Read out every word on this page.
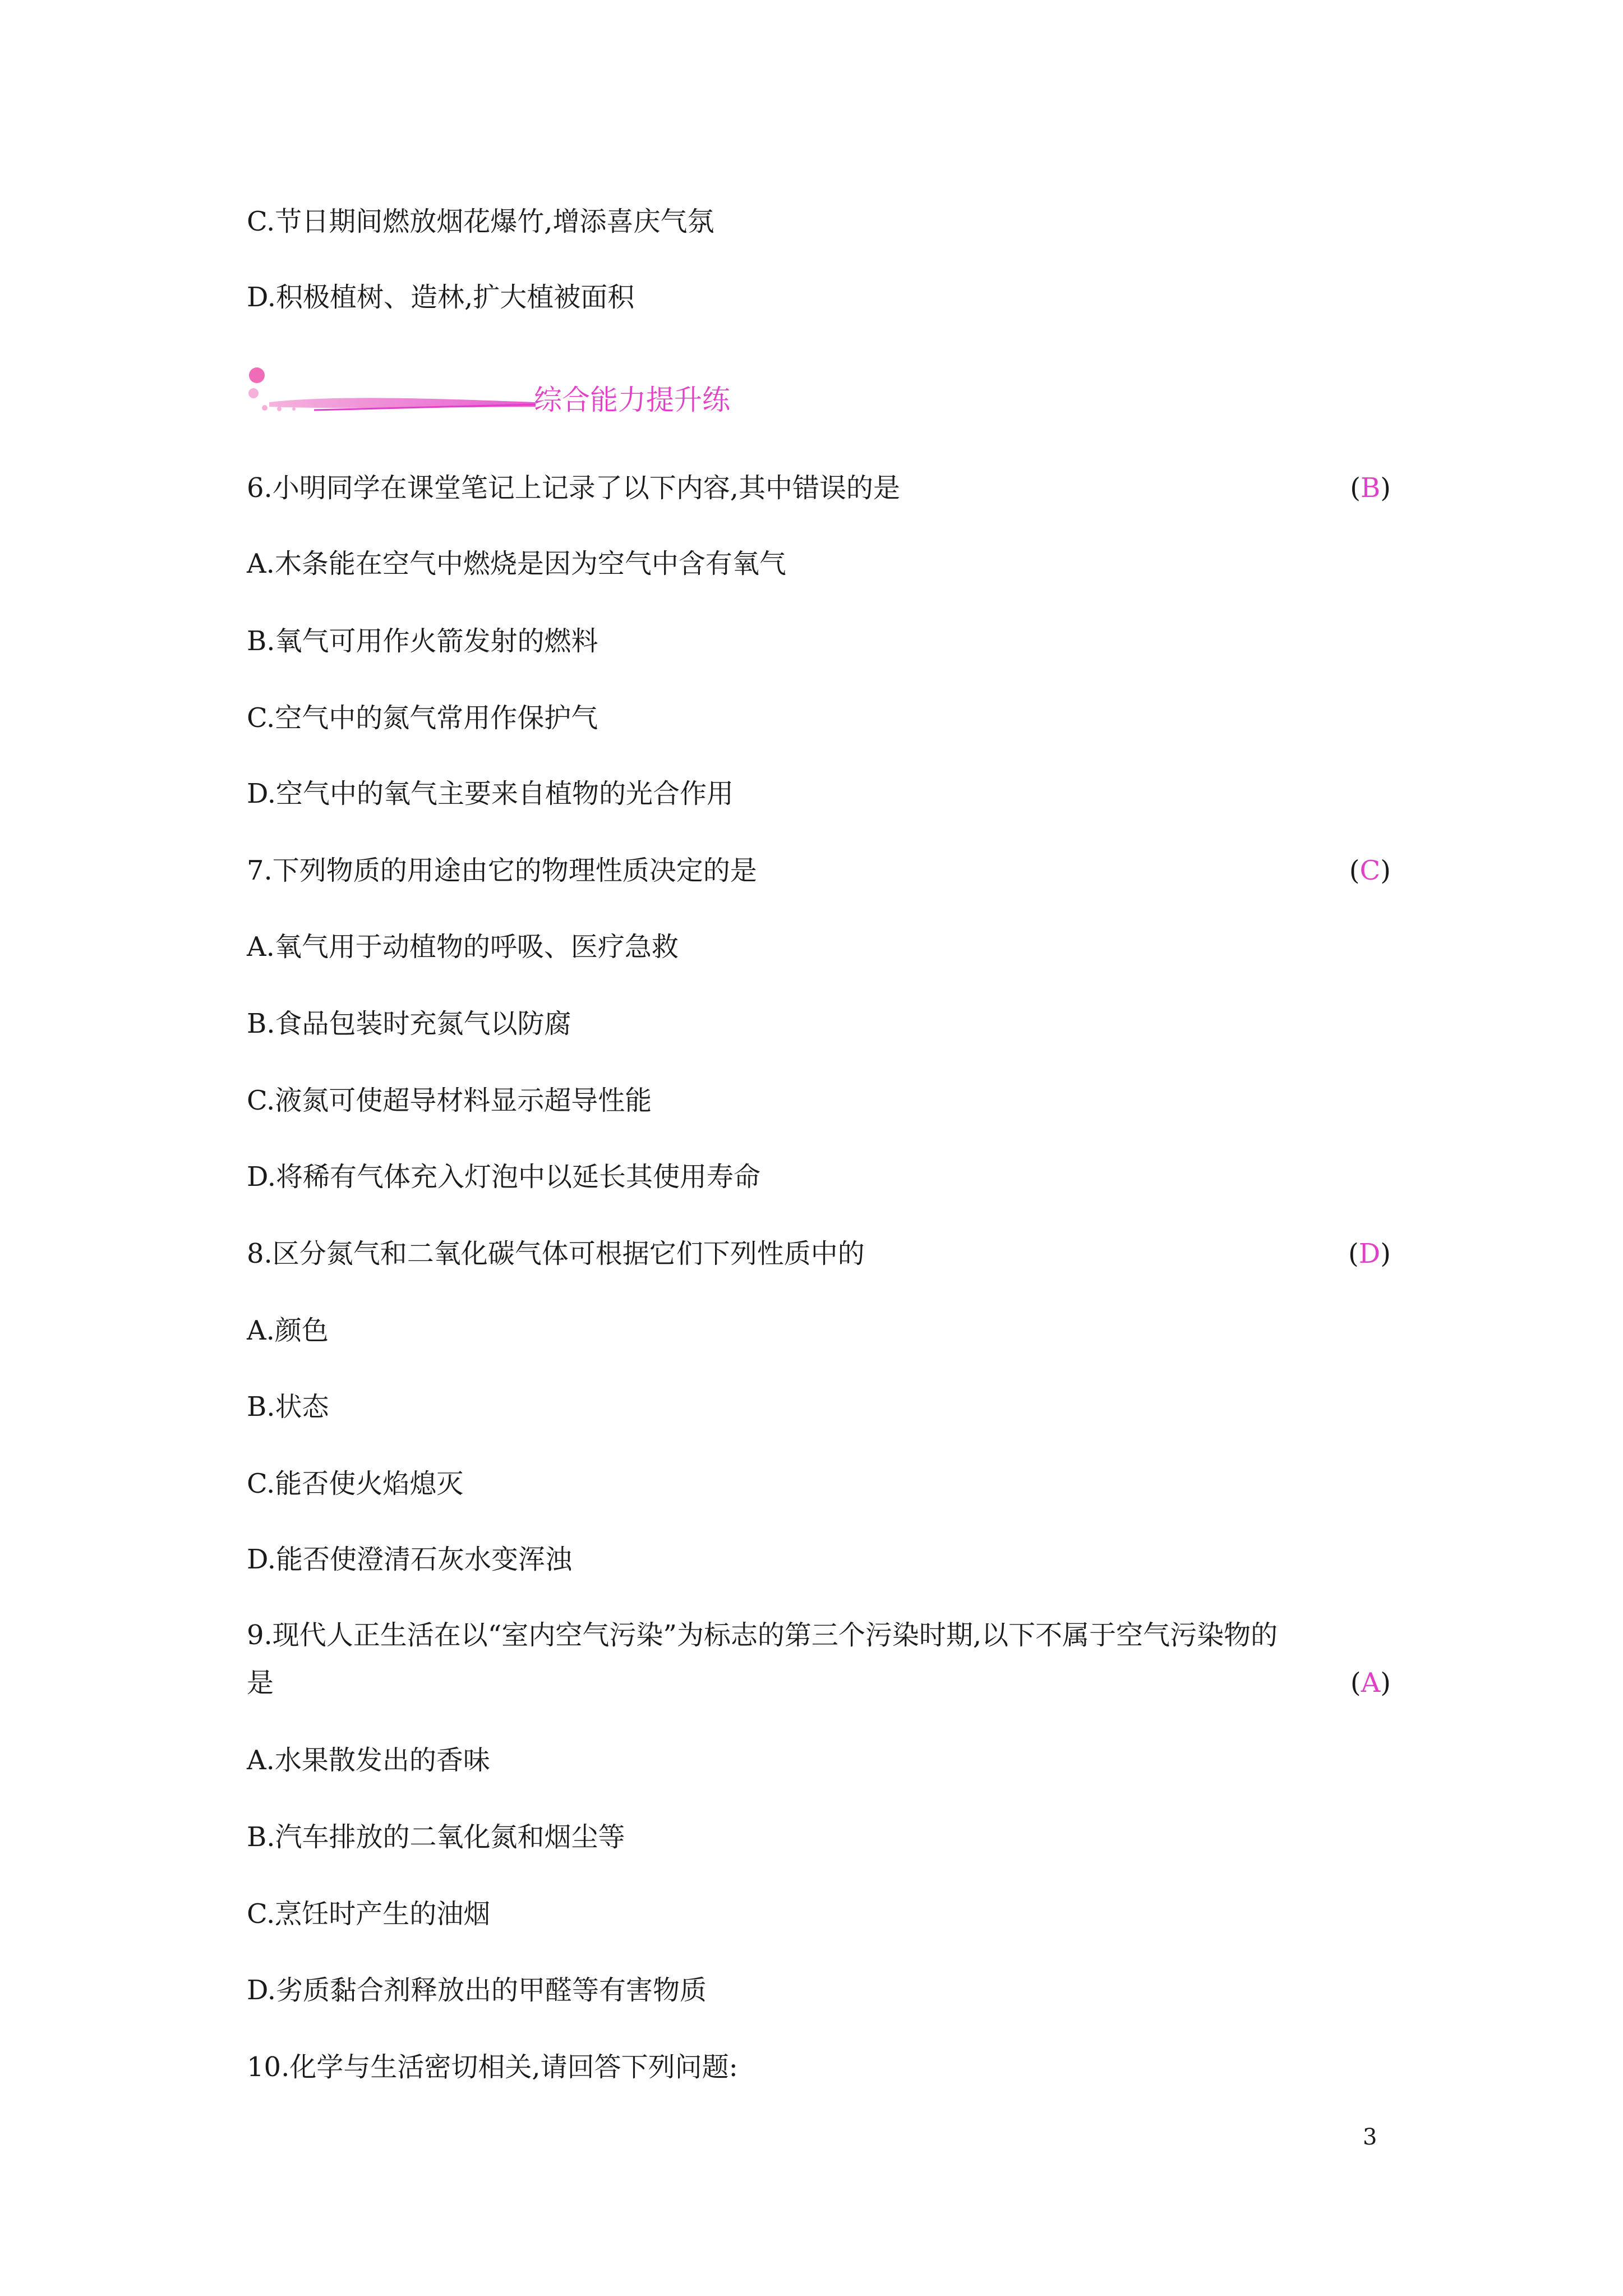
C.节日期间燃放烟花爆竹,增添喜庆气氛
D.积极植树、造林,扩大植被面积
综合能力提升练
6.小明同学在课堂笔记上记录了以下内容,其中错误的是	(B)
A.木条能在空气中燃烧是因为空气中含有氧气
B.氧气可用作火箭发射的燃料
C.空气中的氮气常用作保护气
D.空气中的氧气主要来自植物的光合作用
7.下列物质的用途由它的物理性质决定的是	(C)
A.氧气用于动植物的呼吸、医疗急救
B.食品包装时充氮气以防腐
C.液氮可使超导材料显示超导性能
D.将稀有气体充入灯泡中以延长其使用寿命
8.区分氮气和二氧化碳气体可根据它们下列性质中的	(D)
A.颜色
B.状态
C.能否使火焰熄灭
D.能否使澄清石灰水变浑浊
9.现代人正生活在以“室内空气污染”为标志的第三个污染时期,以下不属于空气污染物的
是	(A)
A.水果散发出的香味
B.汽车排放的二氧化氮和烟尘等
C.烹饪时产生的油烟
D.劣质黏合剂释放出的甲醛等有害物质
10.化学与生活密切相关,请回答下列问题:
3
